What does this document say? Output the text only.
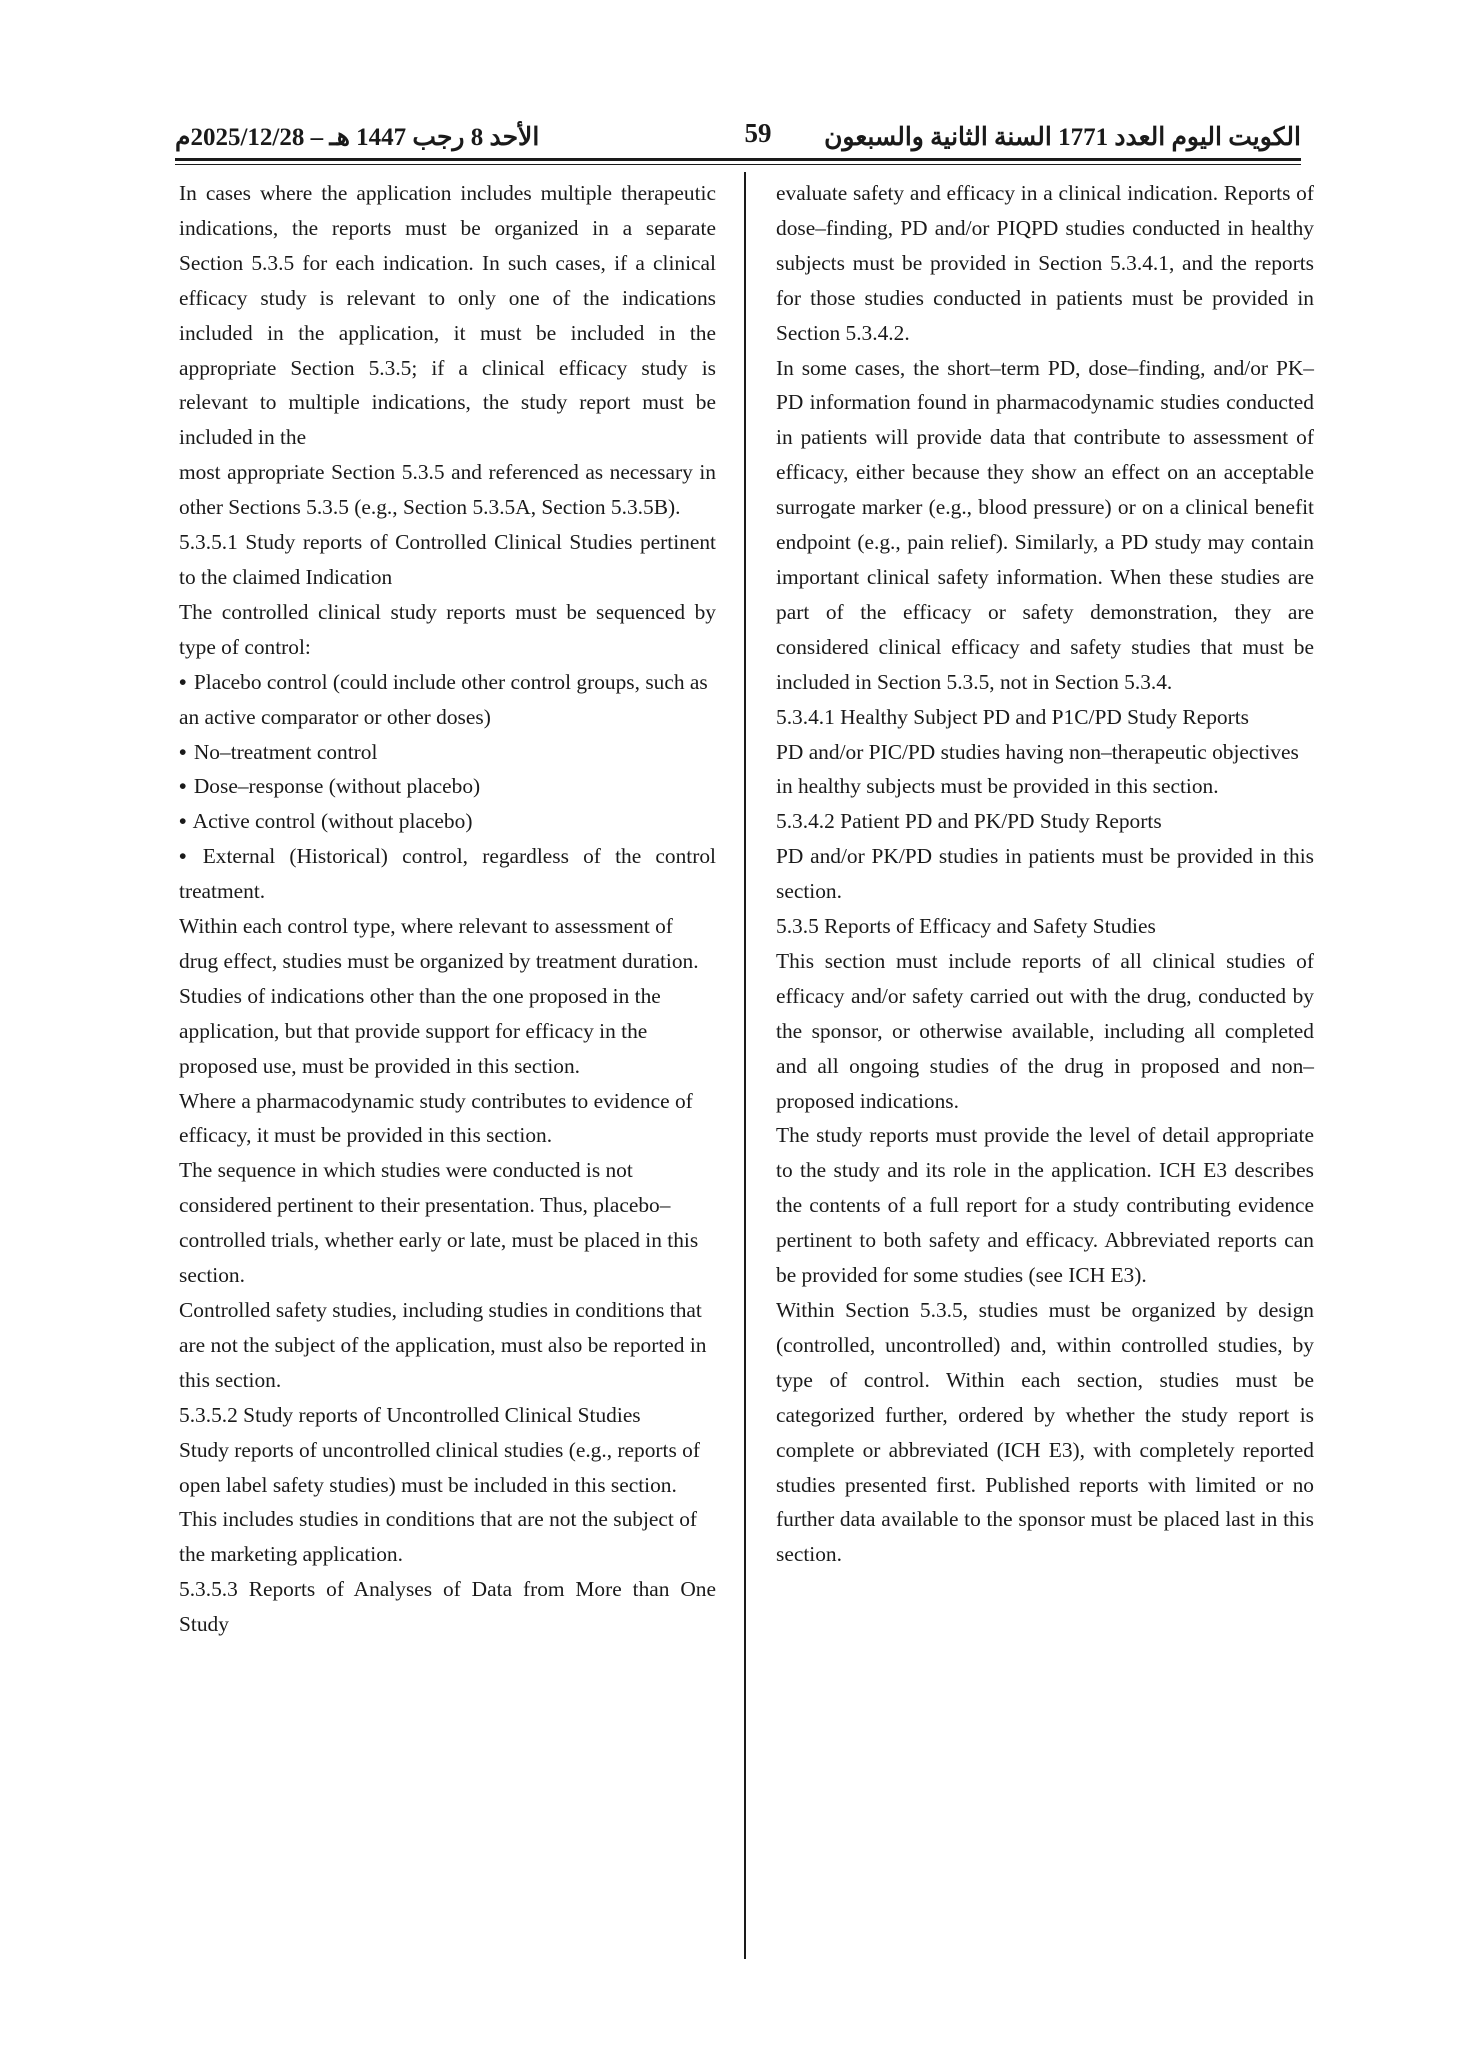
الأحد 8 رجب 1447 هـ – 2025/12/28م	59	الكويت اليوم العدد 1771 السنة الثانية والسبعون

In cases where the application includes multiple therapeutic indications, the reports must be organized in a separate Section 5.3.5 for each indication. In such cases, if a clinical efficacy study is relevant to only one of the indications included in the application, it must be included in the appropriate Section 5.3.5; if a clinical efficacy study is relevant to multiple indications, the study report must be included in the

most appropriate Section 5.3.5 and referenced as necessary in other Sections 5.3.5 (e.g., Section 5.3.5A, Section 5.3.5B).

5.3.5.1 Study reports of Controlled Clinical Studies pertinent to the claimed Indication

The controlled clinical study reports must be sequenced by type of control:

• Placebo control (could include other control groups, such as an active comparator or other doses)

• No–treatment control

• Dose–response (without placebo)

• Active control (without placebo)

• External (Historical) control, regardless of the control treatment.

Within each control type, where relevant to assessment of drug effect, studies must be organized by treatment duration. Studies of indications other than the one proposed in the application, but that provide support for efficacy in the proposed use, must be provided in this section.

Where a pharmacodynamic study contributes to evidence of efficacy, it must be provided in this section.

The sequence in which studies were conducted is not considered pertinent to their presentation. Thus, placebo–controlled trials, whether early or late, must be placed in this section.

Controlled safety studies, including studies in conditions that are not the subject of the application, must also be reported in this section.

5.3.5.2 Study reports of Uncontrolled Clinical Studies

Study reports of uncontrolled clinical studies (e.g., reports of open label safety studies) must be included in this section. This includes studies in conditions that are not the subject of the marketing application.

5.3.5.3 Reports of Analyses of Data from More than One Study

evaluate safety and efficacy in a clinical indication. Reports of dose–finding, PD and/or PIQPD studies conducted in healthy subjects must be provided in Section 5.3.4.1, and the reports for those studies conducted in patients must be provided in Section 5.3.4.2.

In some cases, the short–term PD, dose–finding, and/or PK–PD information found in pharmacodynamic studies conducted in patients will provide data that contribute to assessment of efficacy, either because they show an effect on an acceptable surrogate marker (e.g., blood pressure) or on a clinical benefit endpoint (e.g., pain relief). Similarly, a PD study may contain important clinical safety information. When these studies are part of the efficacy or safety demonstration, they are considered clinical efficacy and safety studies that must be included in Section 5.3.5, not in Section 5.3.4.

5.3.4.1 Healthy Subject PD and P1C/PD Study Reports

PD and/or PIC/PD studies having non–therapeutic objectives in healthy subjects must be provided in this section.

5.3.4.2 Patient PD and PK/PD Study Reports

PD and/or PK/PD studies in patients must be provided in this section.

5.3.5 Reports of Efficacy and Safety Studies

This section must include reports of all clinical studies of efficacy and/or safety carried out with the drug, conducted by the sponsor, or otherwise available, including all completed and all ongoing studies of the drug in proposed and non– proposed indications.

The study reports must provide the level of detail appropriate to the study and its role in the application. ICH E3 describes the contents of a full report for a study contributing evidence pertinent to both safety and efficacy. Abbreviated reports can be provided for some studies (see ICH E3).

Within Section 5.3.5, studies must be organized by design (controlled, uncontrolled) and, within controlled studies, by type of control. Within each section, studies must be categorized further, ordered by whether the study report is complete or abbreviated (ICH E3), with completely reported studies presented first. Published reports with limited or no further data available to the sponsor must be placed last in this section.
